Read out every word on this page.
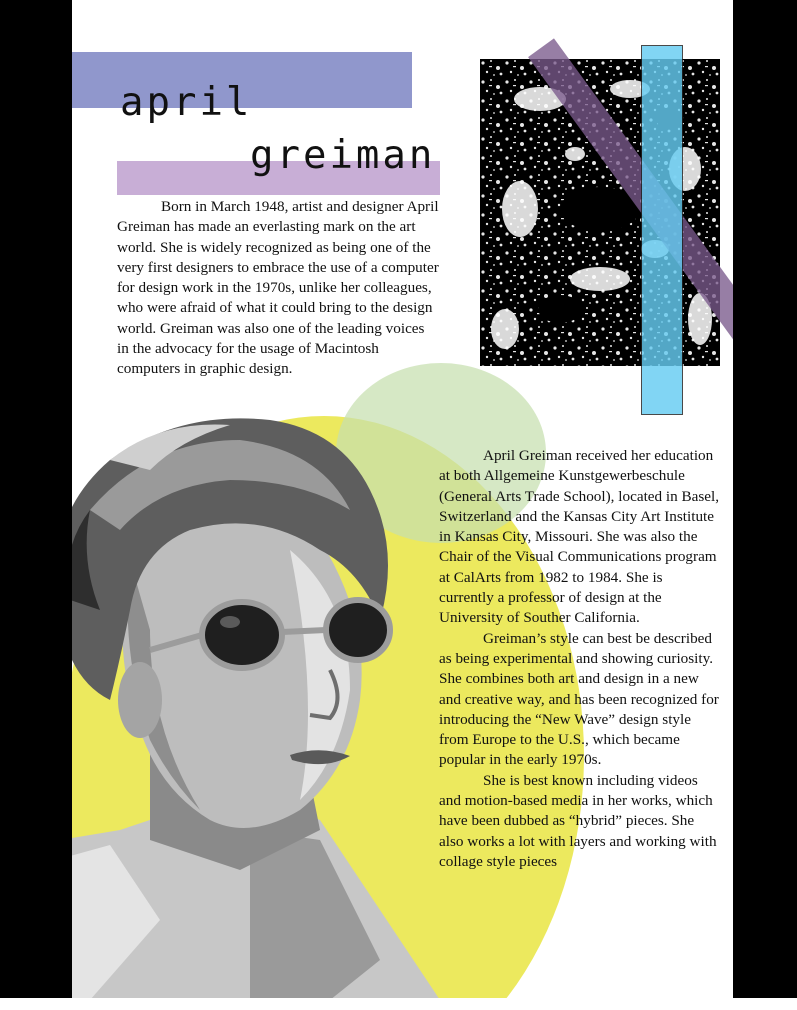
april
greiman

Born in March 1948, artist and designer April Greiman has made an everlasting mark on the art world. She is widely recognized as being one of the very first designers to embrace the use of a computer for design work in the 1970s, unlike her colleagues, who were afraid of what it could bring to the design world. Greiman was also one of the leading voices in the advocacy for the usage of Macintosh computers in graphic design.

April Greiman received her education at both Allgemeine Kunstgewerbeschule (General Arts Trade School), located in Basel, Switzerland and the Kansas City Art Institute in Kansas City, Missouri. She was also the Chair of the Visual Communications program at CalArts from 1982 to 1984. She is currently a professor of design at the University of Souther California.

Greiman’s style can best be described as being experimental and showing curiosity. She combines both art and design in a new and creative way, and has been recognized for introducing the “New Wave” design style from Europe to the U.S., which became popular in the early 1970s.

She is best known including videos and motion-based media in her works, which have been dubbed as “hybrid” pieces. She also works a lot with layers and working with collage style pieces
